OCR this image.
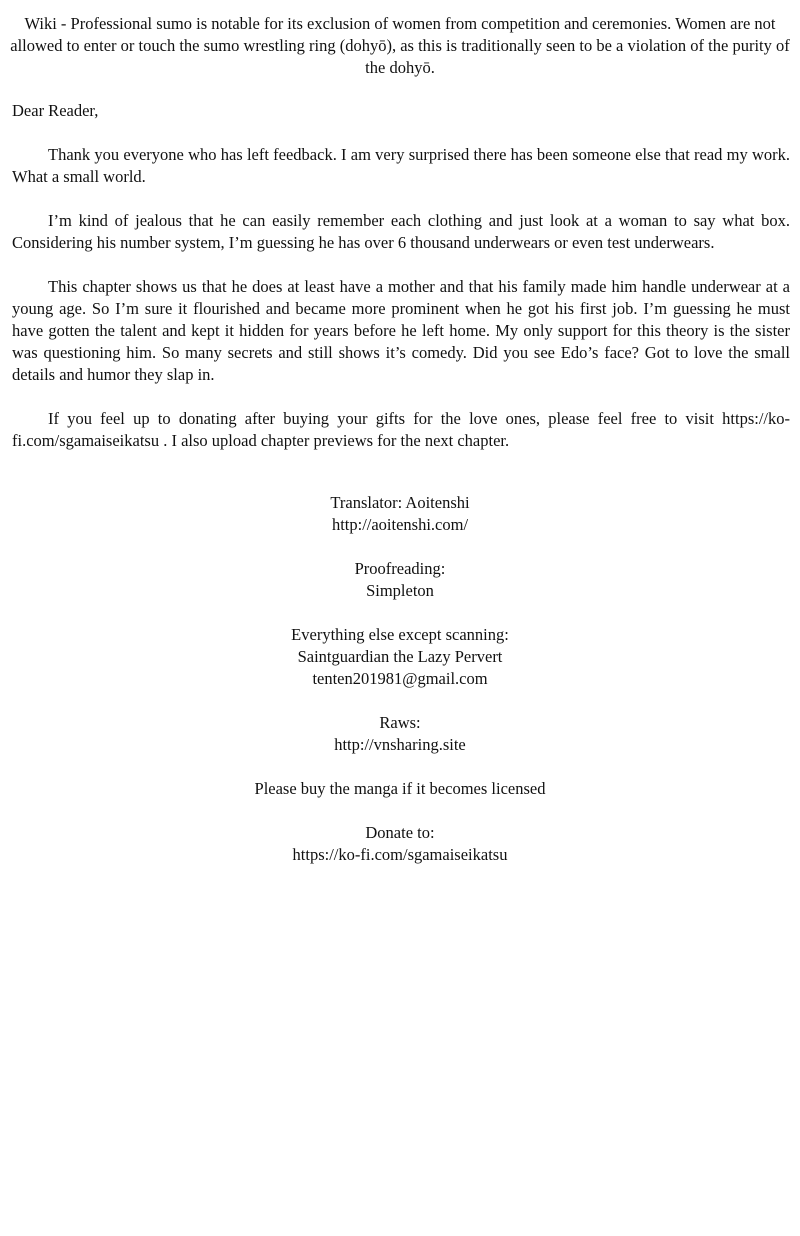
Wiki - Professional sumo is notable for its exclusion of women from competition and ceremonies. Women are not allowed to enter or touch the sumo wrestling ring (dohyō), as this is traditionally seen to be a violation of the purity of the dohyō.

Dear Reader,

Thank you everyone who has left feedback. I am very surprised there has been someone else that read my work. What a small world.

I’m kind of jealous that he can easily remember each clothing and just look at a woman to say what box. Considering his number system, I’m guessing he has over 6 thousand underwears or even test underwears.

This chapter shows us that he does at least have a mother and that his family made him handle underwear at a young age. So I’m sure it flourished and became more prominent when he got his first job. I’m guessing he must have gotten the talent and kept it hidden for years before he left home. My only support for this theory is the sister was questioning him. So many secrets and still shows it’s comedy. Did you see Edo’s face? Got to love the small details and humor they slap in.

If you feel up to donating after buying your gifts for the love ones, please feel free to visit https://ko-fi.com/sgamaiseikatsu . I also upload chapter previews for the next chapter.

Translator: Aoitenshi
http://aoitenshi.com/
Proofreading:
Simpleton
Everything else except scanning:
Saintguardian the Lazy Pervert
tenten201981@gmail.com
Raws:
http://vnsharing.site
Please buy the manga if it becomes licensed
Donate to:
https://ko-fi.com/sgamaiseikatsu
